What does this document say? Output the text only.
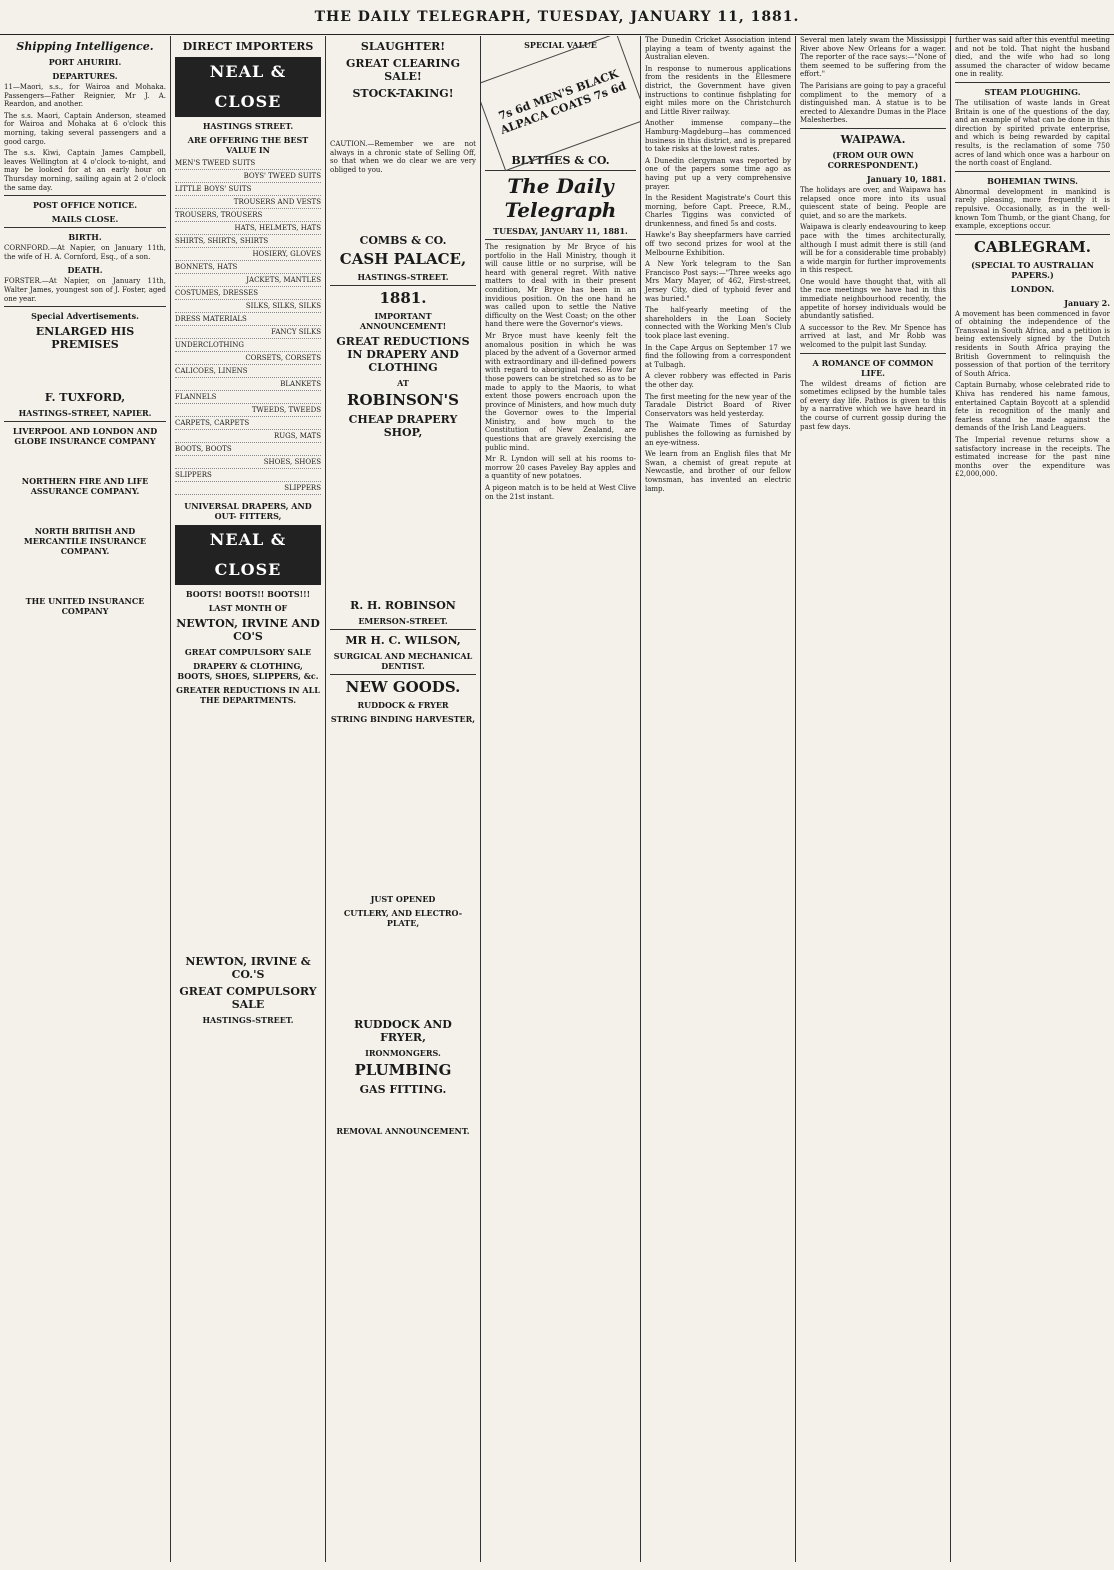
THE DAILY TELEGRAPH, TUESDAY, JANUARY 11, 1881.
Shipping Intelligence.
PORT AHURIRI.
DEPARTURES.

11—Maori, s.s., for Wairoa and Mohaka. Passengers—Father Reignier, Mr J. A. Reardon, and another.

The s.s. Maori, Captain Anderson, steamed for Wairoa and Mohaka at 6 o'clock this morning, taking several passengers and a good cargo.

The s.s. Kiwi, Captain James Campbell, leaves Wellington at 4 o'clock to-night, and may be looked for at an early hour on Thursday morning, sailing again at 2 o'clock the same day.

POST OFFICE NOTICE.
MAILS CLOSE.
BIRTH.

CORNFORD.—At Napier, on January 11th, the wife of H. A. Cornford, Esq., of a son.

DEATH.

FORSTER.—At Napier, on January 11th, Walter James, youngest son of J. Foster, aged one year.

Special Advertisements.
ENLARGED HIS PREMISES
F. TUXFORD,
HASTINGS-STREET, NAPIER.
LIVERPOOL AND LONDON AND GLOBE INSURANCE COMPANY
NORTHERN FIRE AND LIFE ASSURANCE COMPANY.
NORTH BRITISH AND MERCANTILE INSURANCE COMPANY.
THE UNITED INSURANCE COMPANY
DIRECT IMPORTERS
NEAL & CLOSE
HASTINGS STREET.
ARE OFFERING THE BEST VALUE IN
MEN'S TWEED SUITS
BOYS' TWEED SUITS
LITTLE BOYS' SUITS
TROUSERS AND VESTS
TROUSERS, TROUSERS
HATS, HELMETS, HATS
SHIRTS, SHIRTS, SHIRTS
HOSIERY, GLOVES
BONNETS, HATS
JACKETS, MANTLES
COSTUMES, DRESSES
SILKS, SILKS, SILKS
DRESS MATERIALS
FANCY SILKS
UNDERCLOTHING
CORSETS, CORSETS
CALICOES, LINENS
BLANKETS
FLANNELS
TWEEDS, TWEEDS
CARPETS, CARPETS
RUGS, MATS
BOOTS, BOOTS
SHOES, SHOES
SLIPPERS
SLIPPERS
UNIVERSAL DRAPERS, AND OUT- FITTERS,
NEAL & CLOSE
BOOTS! BOOTS!! BOOTS!!!
LAST MONTH OF
NEWTON, IRVINE AND CO'S
GREAT COMPULSORY SALE
DRAPERY & CLOTHING, BOOTS, SHOES, SLIPPERS, &c.
GREATER REDUCTIONS IN ALL THE DEPARTMENTS.
NEWTON, IRVINE & CO.'S
GREAT COMPULSORY SALE
HASTINGS-STREET.
SLAUGHTER!
GREAT CLEARING SALE!
STOCK-TAKING!

CAUTION.—Remember we are not always in a chronic state of Selling Off, so that when we do clear we are very obliged to you.

COMBS & CO.
CASH PALACE,
HASTINGS-STREET.
1881.
IMPORTANT ANNOUNCEMENT!
GREAT REDUCTIONS IN DRAPERY AND CLOTHING
AT
ROBINSON'S
CHEAP DRAPERY SHOP,
R. H. ROBINSON
EMERSON-STREET.
MR H. C. WILSON,
SURGICAL AND MECHANICAL DENTIST.
NEW GOODS.
RUDDOCK & FRYER
STRING BINDING HARVESTER,
JUST OPENED
CUTLERY, AND ELECTRO-PLATE,
RUDDOCK AND FRYER,
IRONMONGERS.
PLUMBING
GAS FITTING.
REMOVAL ANNOUNCEMENT.
SPECIAL VALUE
7s 6d MEN'S BLACK ALPACA COATS 7s 6d
BLYTHES & CO.
The Daily Telegraph
TUESDAY, JANUARY 11, 1881.

The resignation by Mr Bryce of his portfolio in the Hall Ministry, though it will cause little or no surprise, will be heard with general regret. With native matters to deal with in their present condition, Mr Bryce has been in an invidious position. On the one hand he was called upon to settle the Native difficulty on the West Coast; on the other hand there were the Governor's views.

Mr Bryce must have keenly felt the anomalous position in which he was placed by the advent of a Governor armed with extraordinary and ill-defined powers with regard to aboriginal races. How far those powers can be stretched so as to be made to apply to the Maoris, to what extent those powers encroach upon the province of Ministers, and how much duty the Governor owes to the Imperial Ministry, and how much to the Constitution of New Zealand, are questions that are gravely exercising the public mind.

Mr R. Lyndon will sell at his rooms to-morrow 20 cases Paveley Bay apples and a quantity of new potatoes.

A pigeon match is to be held at West Clive on the 21st instant.

The Dunedin Cricket Association intend playing a team of twenty against the Australian eleven.

In response to numerous applications from the residents in the Ellesmere district, the Government have given instructions to continue fishplating for eight miles more on the Christchurch and Little River railway.

Another immense company—the Hamburg-Magdeburg—has commenced business in this district, and is prepared to take risks at the lowest rates.

A Dunedin clergyman was reported by one of the papers some time ago as having put up a very comprehensive prayer.

In the Resident Magistrate's Court this morning, before Capt. Preece, R.M., Charles Tiggins was convicted of drunkenness, and fined 5s and costs.

Hawke's Bay sheepfarmers have carried off two second prizes for wool at the Melbourne Exhibition.

A New York telegram to the San Francisco Post says:—"Three weeks ago Mrs Mary Mayer, of 462, First-street, Jersey City, died of typhoid fever and was buried."

The half-yearly meeting of the shareholders in the Loan Society connected with the Working Men's Club took place last evening.

In the Cape Argus on September 17 we find the following from a correspondent at Tulbagh.

A clever robbery was effected in Paris the other day.

The first meeting for the new year of the Taradale District Board of River Conservators was held yesterday.

The Waimate Times of Saturday publishes the following as furnished by an eye-witness.

We learn from an English files that Mr Swan, a chemist of great repute at Newcastle, and brother of our fellow townsman, has invented an electric lamp.

Several men lately swam the Mississippi River above New Orleans for a wager. The reporter of the race says:—"None of them seemed to be suffering from the effort."

The Parisians are going to pay a graceful compliment to the memory of a distinguished man. A statue is to be erected to Alexandre Dumas in the Place Malesherbes.

WAIPAWA.
(FROM OUR OWN CORRESPONDENT.)
January 10, 1881.

The holidays are over, and Waipawa has relapsed once more into its usual quiescent state of being. People are quiet, and so are the markets.

Waipawa is clearly endeavouring to keep pace with the times architecturally, although I must admit there is still (and will be for a considerable time probably) a wide margin for further improvements in this respect.

One would have thought that, with all the race meetings we have had in this immediate neighbourhood recently, the appetite of horsey individuals would be abundantly satisfied.

A successor to the Rev. Mr Spence has arrived at last, and Mr Robb was welcomed to the pulpit last Sunday.

A ROMANCE OF COMMON LIFE.

The wildest dreams of fiction are sometimes eclipsed by the humble tales of every day life. Pathos is given to this by a narrative which we have heard in the course of current gossip during the past few days.

further was said after this eventful meeting and not be told. That night the husband died, and the wife who had so long assumed the character of widow became one in reality.

STEAM PLOUGHING.

The utilisation of waste lands in Great Britain is one of the questions of the day, and an example of what can be done in this direction by spirited private enterprise, and which is being rewarded by capital results, is the reclamation of some 750 acres of land which once was a harbour on the north coast of England.

BOHEMIAN TWINS.

Abnormal development in mankind is rarely pleasing, more frequently it is repulsive. Occasionally, as in the well-known Tom Thumb, or the giant Chang, for example, exceptions occur.

CABLEGRAM.
(SPECIAL TO AUSTRALIAN PAPERS.)
LONDON.
January 2.

A movement has been commenced in favor of obtaining the independence of the Transvaal in South Africa, and a petition is being extensively signed by the Dutch residents in South Africa praying the British Government to relinquish the possession of that portion of the territory of South Africa.

Captain Burnaby, whose celebrated ride to Khiva has rendered his name famous, entertained Captain Boycott at a splendid fete in recognition of the manly and fearless stand he made against the demands of the Irish Land Leaguers.

The Imperial revenue returns show a satisfactory increase in the receipts. The estimated increase for the past nine months over the expenditure was £2,000,000.
